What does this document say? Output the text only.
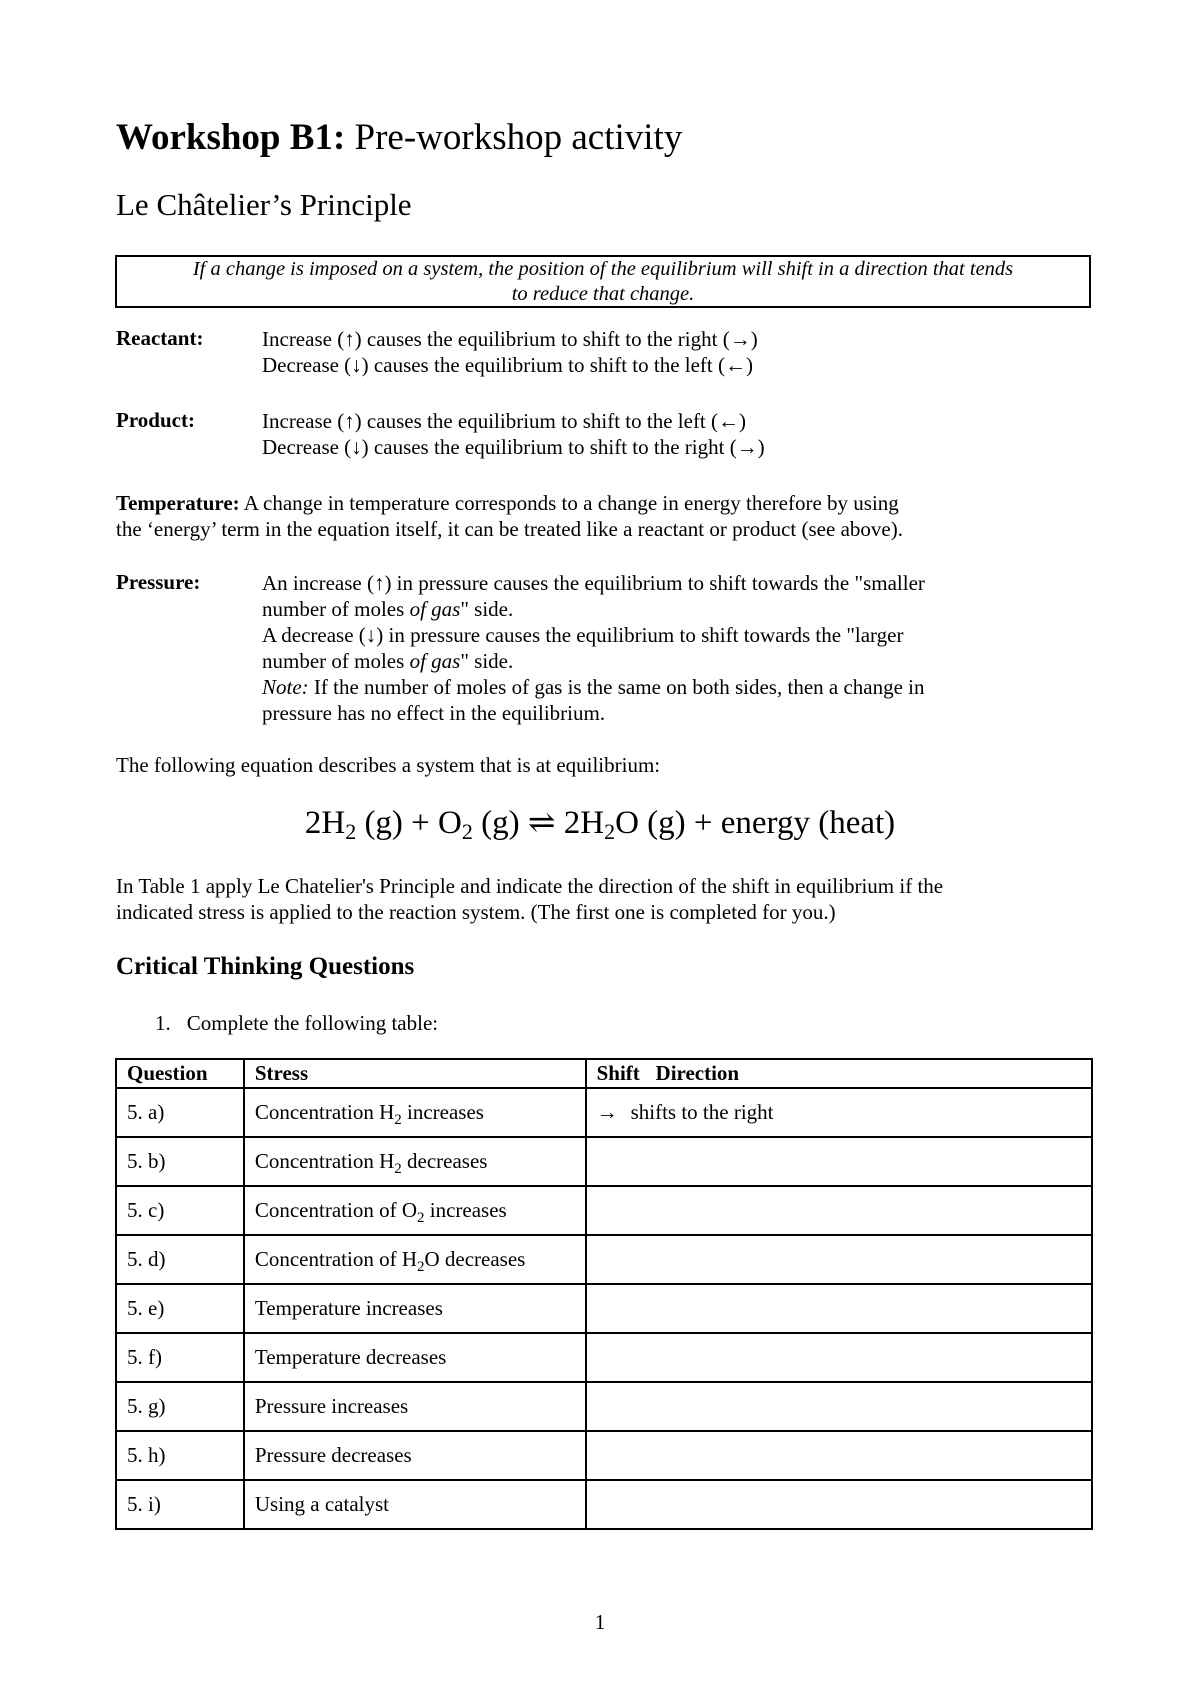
Workshop B1: Pre-workshop activity
Le Châtelier’s Principle
If a change is imposed on a system, the position of the equilibrium will shift in a direction that tends
to reduce that change.
Reactant:	Increase (↑) causes the equilibrium to shift to the right (→)
Decrease (↓) causes the equilibrium to shift to the left (←)
Product:	Increase (↑) causes the equilibrium to shift to the left (←)
Decrease (↓) causes the equilibrium to shift to the right (→)
Temperature: A change in temperature corresponds to a change in energy therefore by using
the ‘energy’ term in the equation itself, it can be treated like a reactant or product (see above).
Pressure:	An increase (↑) in pressure causes the equilibrium to shift towards the "smaller
number of moles of gas" side.
A decrease (↓) in pressure causes the equilibrium to shift towards the "larger
number of moles of gas" side.
Note: If the number of moles of gas is the same on both sides, then a change in
pressure has no effect in the equilibrium.
The following equation describes a system that is at equilibrium:
$2H_2$ $(g) + O_2$ (g) ⇌ $2H_2O$ (g) + energy (heat)
In Table 1 apply Le Chatelier's Principle and indicate the direction of the shift in equilibrium if the
indicated stress is applied to the reaction system. (The first one is completed for you.)
Critical Thinking Questions
1. Complete the following table:
Question	Stress	Shift   Direction
5. a)	Concentration $H_2$ increases	→ shifts to the right
5. b)	Concentration $H_2$ decreases	
5. c)	Concentration of $O_2$ increases	
5. d)	Concentration of $H_2O$ decreases	
5. e)	Temperature increases	
5. f)	Temperature decreases	
5. g)	Pressure increases	
5. h)	Pressure decreases	
5. i)	Using a catalyst	
1
